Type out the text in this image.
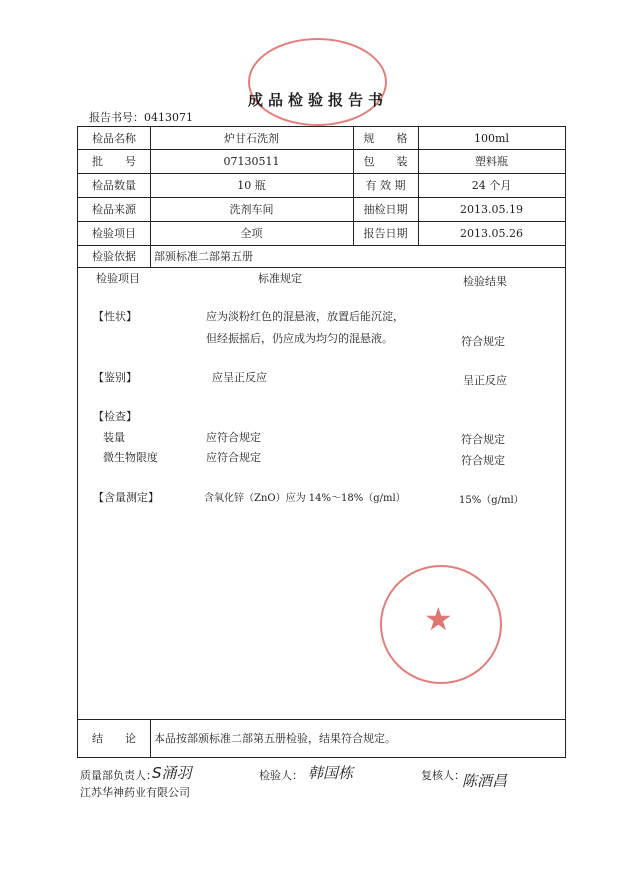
★
成品检验报告书
报告书号：0413071
检品名称	炉甘石洗剂	规　　格	100ml
批　　号	07130511	包　　装	塑料瓶
检品数量	10 瓶	有 效 期	24 个月
检品来源	洗剂车间	抽检日期	2013.05.19
检验项目	全项	报告日期	2013.05.26
检验依据	部颁标准二部第五册
检验项目	标准规定	检验结果
【性状】	应为淡粉红色的混悬液，放置后能沉淀，
但经振摇后，仍应成为均匀的混悬液。	符合规定
【鉴别】	应呈正反应	呈正反应
【检查】
装量	应符合规定	符合规定
微生物限度	应符合规定	符合规定
【含量测定】	含氧化锌（ZnO）应为 14%～18%（g/ml）	15%（g/ml）
结　　论	本品按部颁标准二部第五册检验，结果符合规定。
质量部负责人：
S涌羽	检验人： 韩国栋	复核人：
陈酒昌
江苏华神药业有限公司
